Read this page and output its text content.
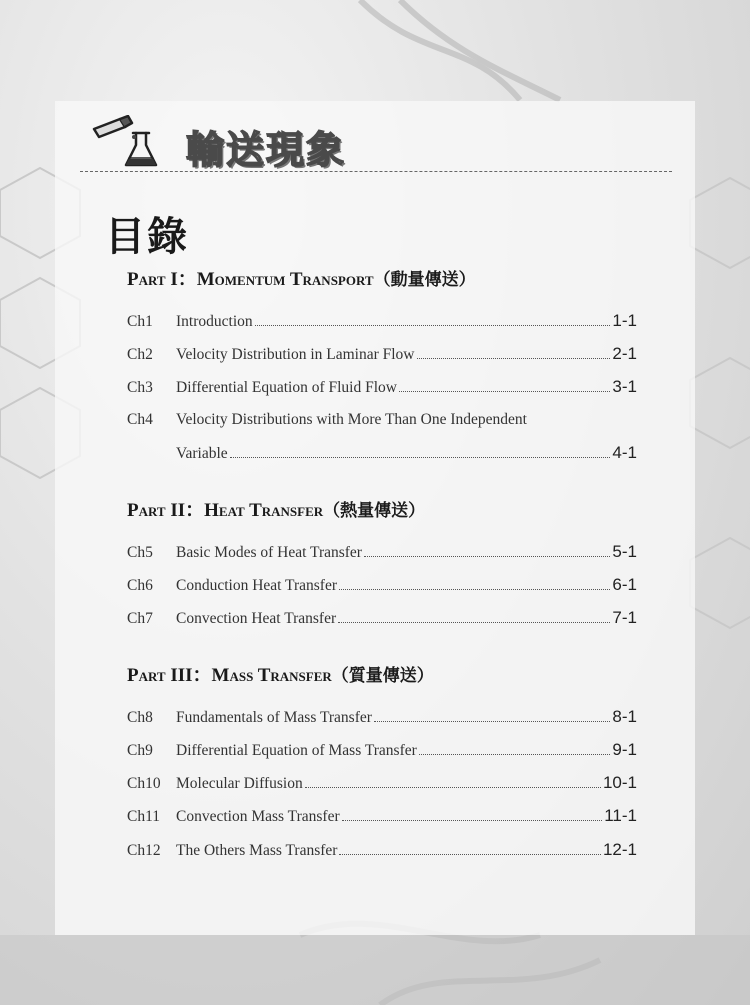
輸送現象
目錄
Part I：Momentum Transport（動量傳送）
Ch1	Introduction	1-1
Ch2	Velocity Distribution in Laminar Flow	2-1
Ch3	Differential Equation of Fluid Flow	3-1
Ch4	Velocity Distributions with More Than One Independent
Variable	4-1
Part II：Heat Transfer（熱量傳送）
Ch5	Basic Modes of Heat Transfer	5-1
Ch6	Conduction Heat Transfer	6-1
Ch7	Convection Heat Transfer	7-1
Part III：Mass Transfer（質量傳送）
Ch8	Fundamentals of Mass Transfer	8-1
Ch9	Differential Equation of Mass Transfer	9-1
Ch10 Molecular Diffusion	10-1
Ch11	Convection Mass Transfer	11-1
Ch12 The Others Mass Transfer	12-1
